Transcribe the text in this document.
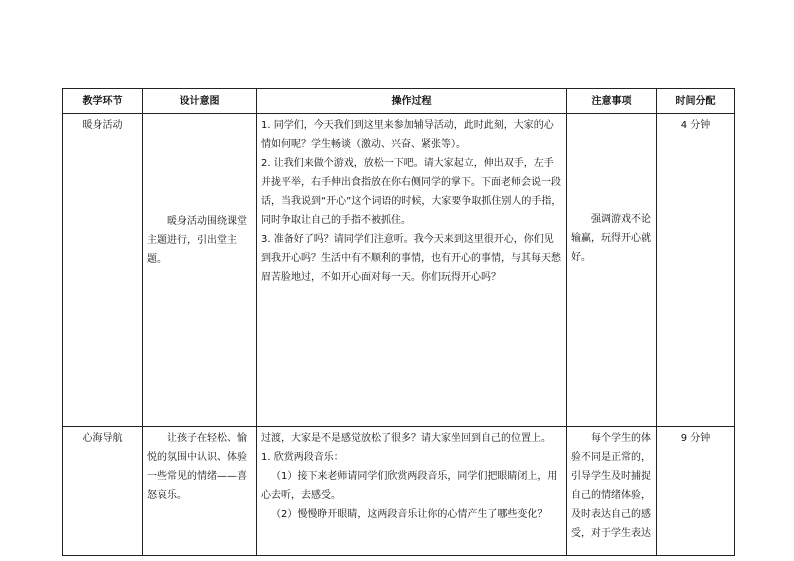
教学环节	设计意图	操作过程	注意事项	时间分配
暖身活动	暖身活动围绕课堂主题进行，引出堂主题。	1. 同学们，今天我们到这里来参加辅导活动，此时此刻，大家的心情如何呢？学生畅谈（激动、兴奋、紧张等）。

2. 让我们来做个游戏，放松一下吧。请大家起立，伸出双手，左手并拢平举，右手伸出食指放在你右侧同学的掌下。下面老师会说一段话，当我说到“开心”这个词语的时候，大家要争取抓住别人的手指，同时争取让自己的手指不被抓住。

3. 准备好了吗？请同学们注意听。我今天来到这里很开心，你们见到我开心吗？生活中有不顺利的事情，也有开心的事情，与其每天愁眉苦脸地过，不如开心面对每一天。你们玩得开心吗？	强调游戏不论输赢，玩得开心就好。	4 分钟
心海导航	让孩子在轻松、愉悦的氛围中认识、体验一些常见的情绪——喜怒哀乐。	过渡，大家是不是感觉放松了很多？请大家坐回到自己的位置上。

1. 欣赏两段音乐：

（1）接下来老师请同学们欣赏两段音乐，同学们把眼睛闭上，用心去听，去感受。

（2）慢慢睁开眼睛，这两段音乐让你的心情产生了哪些变化？	每个学生的体验不同是正常的，引导学生及时捕捉自己的情绪体验，及时表达自己的感受，对于学生表达	9 分钟
